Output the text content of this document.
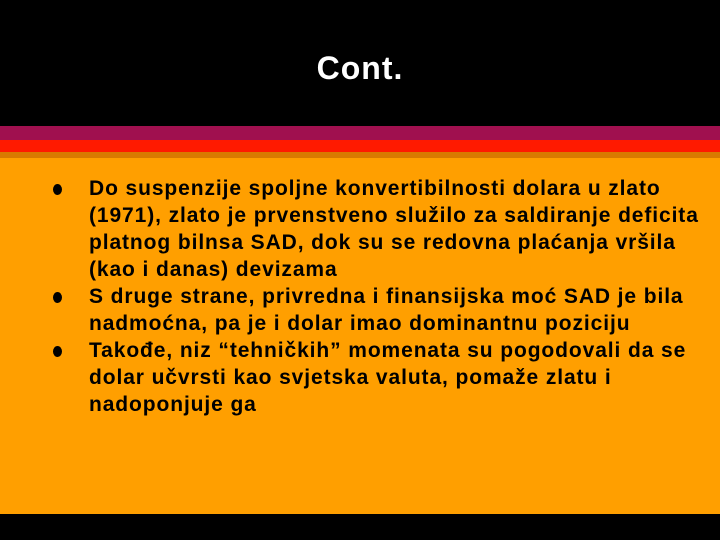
Cont.
Do suspenzije spoljne konvertibilnosti dolara u zlato (1971), zlato je prvenstveno služilo za saldiranje deficita platnog bilnsa SAD, dok su se redovna plaćanja vršila (kao i danas) devizama
S druge strane, privredna i finansijska moć SAD je bila nadmoćna, pa je i dolar imao dominantnu poziciju
Takođe, niz “tehničkih” momenata su pogodovali da se dolar učvrsti kao svjetska valuta, pomaže zlatu i nadoponjuje ga
